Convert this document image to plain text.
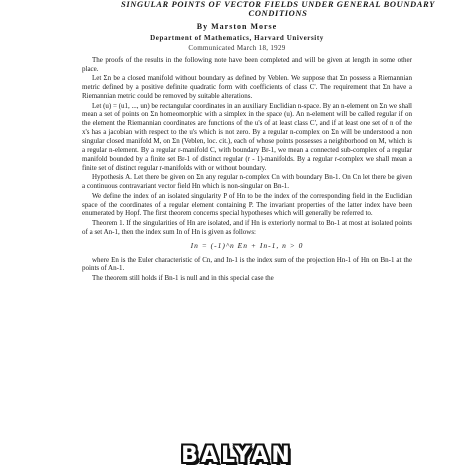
SINGULAR POINTS OF VECTOR FIELDS UNDER GENERAL BOUNDARY CONDITIONS
By Marston Morse
Department of Mathematics, Harvard University
Communicated March 18, 1929

The proofs of the results in the following note have been completed and will be given at length in some other place.

Let Σn be a closed manifold without boundary as defined by Veblen. We suppose that Σn possess a Riemannian metric defined by a positive definite quadratic form with coefficients of class C'. The requirement that Σn have a Riemannian metric could be removed by suitable alterations.

Let (u) = (u1, ..., un) be rectangular coordinates in an auxiliary Euclidian n-space. By an n-element on Σn we shall mean a set of points on Σn homeomorphic with a simplex in the space (u). An n-element will be called regular if on the element the Riemannian coordinates are functions of the u's of at least class C', and if at least one set of n of the x's has a jacobian with respect to the u's which is not zero. By a regular n-complex on Σn will be understood a non singular closed manifold M, on Σn (Veblen, loc. cit.), each of whose points possesses a neighborhood on M, which is a regular n-element. By a regular r-manifold C, with boundary Br-1, we mean a connected sub-complex of a regular manifold bounded by a finite set Br-1 of distinct regular (r - 1)-manifolds. By a regular r-complex we shall mean a finite set of distinct regular r-manifolds with or without boundary.

Hypothesis A. Let there be given on Σn any regular n-complex Cn with boundary Bn-1. On Cn let there be given a continuous contravariant vector field Hn which is non-singular on Bn-1.

We define the index of an isolated singularity P of Hn to be the index of the corresponding field in the Euclidian space of the coordinates of a regular element containing P. The invariant properties of the latter index have been enumerated by Hopf. The first theorem concerns special hypotheses which will generally be referred to.

Theorem 1. If the singularities of Hn are isolated, and if Hn is exteriorly normal to Bn-1 at most at isolated points of a set An-1, then the index sum In of Hn is given as follows:

In = (-1)^n En + In-1, n > 0

where En is the Euler characteristic of Cn, and In-1 is the index sum of the projection Hn-1 of Hn on Bn-1 at the points of An-1.

The theorem still holds if Bn-1 is null and in this special case the

BALYAN
